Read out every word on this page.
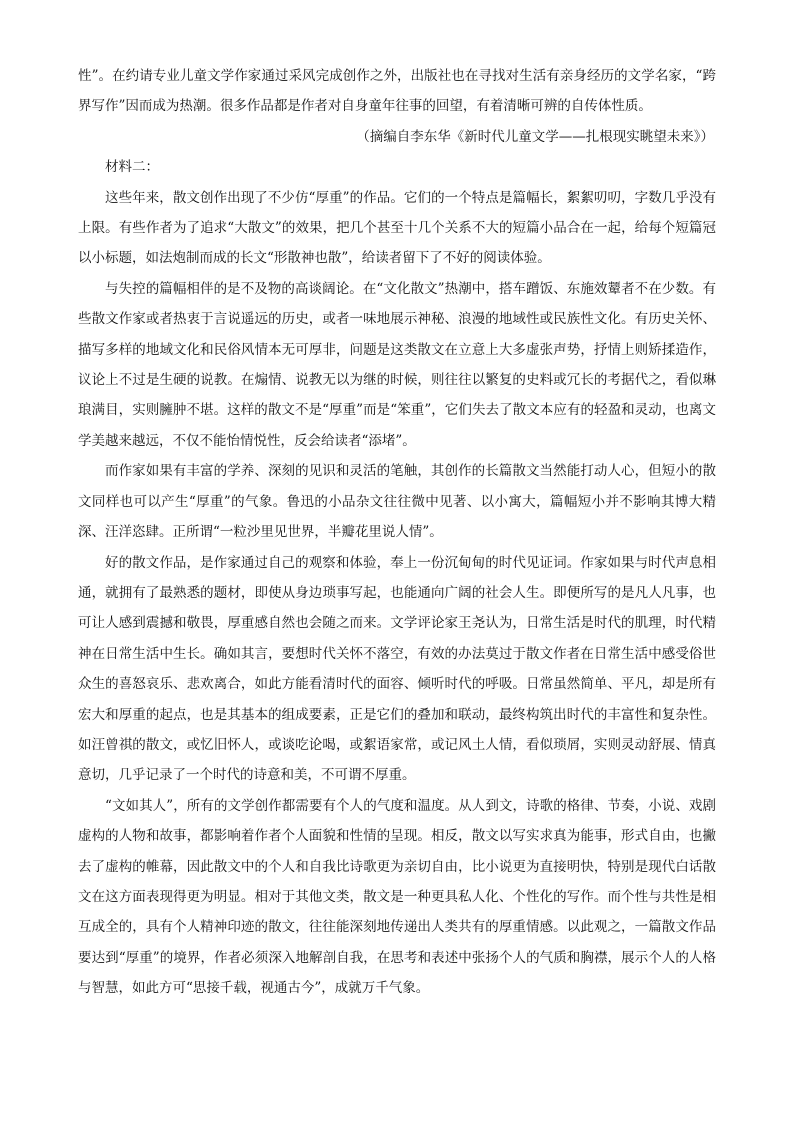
性”。在约请专业儿童文学作家通过采风完成创作之外，出版社也在寻找对生活有亲身经历的文学名家，“跨界写作”因而成为热潮。很多作品都是作者对自身童年往事的回望，有着清晰可辨的自传体性质。

（摘编自李东华《新时代儿童文学——扎根现实眺望未来》）

材料二：

这些年来，散文创作出现了不少仿“厚重”的作品。它们的一个特点是篇幅长，絮絮叨叨，字数几乎没有上限。有些作者为了追求“大散文”的效果，把几个甚至十几个关系不大的短篇小品合在一起，给每个短篇冠以小标题，如法炮制而成的长文“形散神也散”，给读者留下了不好的阅读体验。

与失控的篇幅相伴的是不及物的高谈阔论。在“文化散文”热潮中，搭车蹭饭、东施效颦者不在少数。有些散文作家或者热衷于言说遥远的历史，或者一味地展示神秘、浪漫的地域性或民族性文化。有历史关怀、描写多样的地域文化和民俗风情本无可厚非，问题是这类散文在立意上大多虚张声势，抒情上则矫揉造作，议论上不过是生硬的说教。在煽情、说教无以为继的时候，则往往以繁复的史料或冗长的考据代之，看似琳琅满目，实则臃肿不堪。这样的散文不是“厚重”而是“笨重”，它们失去了散文本应有的轻盈和灵动，也离文学美越来越远，不仅不能怡情悦性，反会给读者“添堵”。

而作家如果有丰富的学养、深刻的见识和灵活的笔触，其创作的长篇散文当然能打动人心，但短小的散文同样也可以产生“厚重”的气象。鲁迅的小品杂文往往微中见著、以小寓大，篇幅短小并不影响其博大精深、汪洋恣肆。正所谓“一粒沙里见世界，半瓣花里说人情”。

好的散文作品，是作家通过自己的观察和体验，奉上一份沉甸甸的时代见证词。作家如果与时代声息相通，就拥有了最熟悉的题材，即使从身边琐事写起，也能通向广阔的社会人生。即便所写的是凡人凡事，也可让人感到震撼和敬畏，厚重感自然也会随之而来。文学评论家王尧认为，日常生活是时代的肌理，时代精神在日常生活中生长。确如其言，要想时代关怀不落空，有效的办法莫过于散文作者在日常生活中感受俗世众生的喜怒哀乐、悲欢离合，如此方能看清时代的面容、倾听时代的呼吸。日常虽然简单、平凡，却是所有宏大和厚重的起点，也是其基本的组成要素，正是它们的叠加和联动，最终构筑出时代的丰富性和复杂性。如汪曾祺的散文，或忆旧怀人，或谈吃论喝，或絮语家常，或记风土人情，看似琐屑，实则灵动舒展、情真意切，几乎记录了一个时代的诗意和美，不可谓不厚重。

“文如其人”，所有的文学创作都需要有个人的气度和温度。从人到文，诗歌的格律、节奏，小说、戏剧虚构的人物和故事，都影响着作者个人面貌和性情的呈现。相反，散文以写实求真为能事，形式自由，也撇去了虚构的帷幕，因此散文中的个人和自我比诗歌更为亲切自由，比小说更为直接明快，特别是现代白话散文在这方面表现得更为明显。相对于其他文类，散文是一种更具私人化、个性化的写作。而个性与共性是相互成全的，具有个人精神印迹的散文，往往能深刻地传递出人类共有的厚重情感。以此观之，一篇散文作品要达到“厚重”的境界，作者必须深入地解剖自我，在思考和表述中张扬个人的气质和胸襟，展示个人的人格与智慧，如此方可“思接千载，视通古今”，成就万千气象。
